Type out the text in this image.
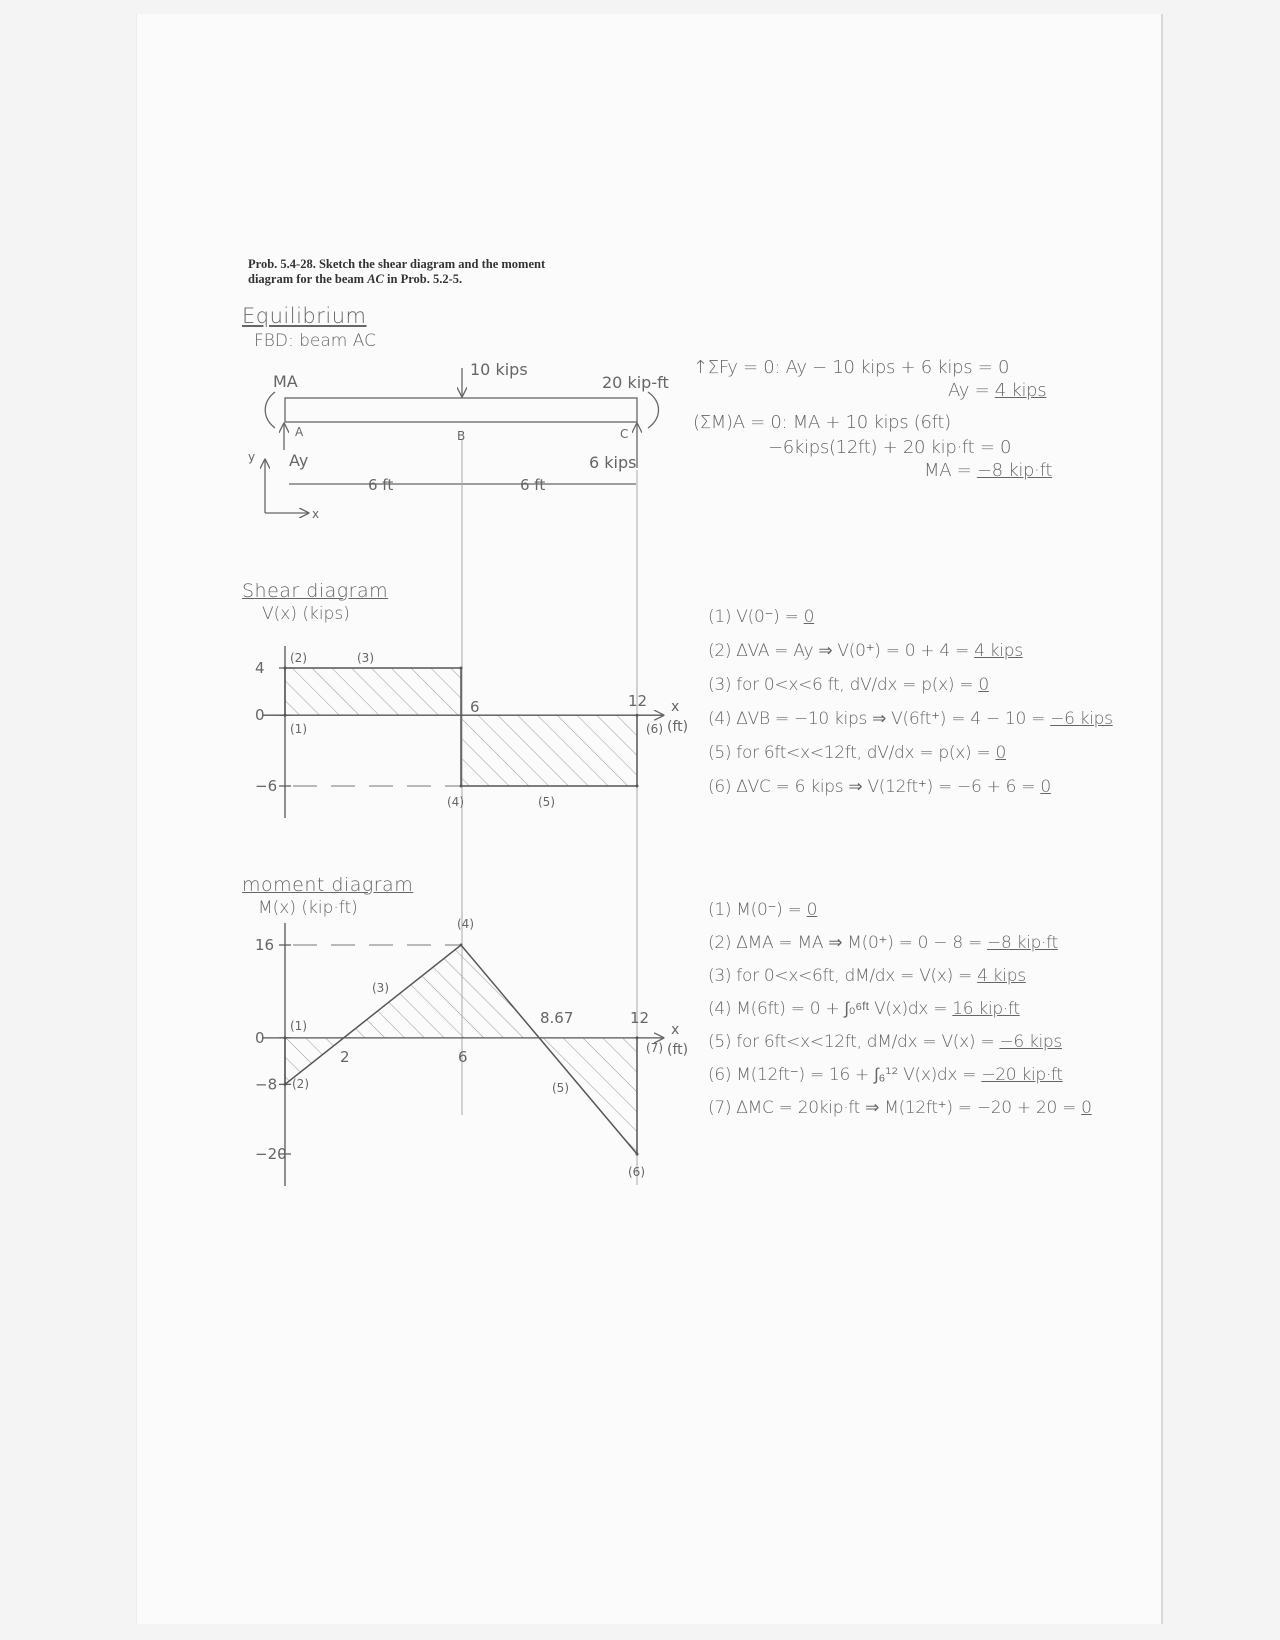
Prob. 5.4-28. Sketch the shear diagram and the moment
diagram for the beam AC in Prob. 5.2-5.
Equilibrium
FBD: beam AC
Shear diagram
V(x) (kips)
moment diagram
M(x) (kip·ft)
↑ΣFy = 0: Ay − 10 kips + 6 kips = 0
Ay = 4 kips
(ΣM)A = 0: MA + 10 kips (6ft)
−6kips(12ft) + 20 kip·ft = 0
MA = −8 kip·ft
(1) V(0⁻) = 0
(2) ΔVA = Ay ⇒ V(0⁺) = 0 + 4 = 4 kips
(3) for 0<x<6 ft, dV/dx = p(x) = 0
(4) ΔVB = −10 kips ⇒ V(6ft⁺) = 4 − 10 = −6 kips
(5) for 6ft<x<12ft, dV/dx = p(x) = 0
(6) ΔVC = 6 kips ⇒ V(12ft⁺) = −6 + 6 = 0
(1) M(0⁻) = 0
(2) ΔMA = MA ⇒ M(0⁺) = 0 − 8 = −8 kip·ft
(3) for 0<x<6ft, dM/dx = V(x) = 4 kips
(4) M(6ft) = 0 + ∫₀⁶ᶠᵗ V(x)dx = 16 kip·ft
(5) for 6ft<x<12ft, dM/dx = V(x) = −6 kips
(6) M(12ft⁻) = 16 + ∫₆¹² V(x)dx = −20 kip·ft
(7) ΔMC = 20kip·ft ⇒ M(12ft⁺) = −20 + 20 = 0
10 kips
20 kip-ft
6 kips
MA
Ay
A	B	C
y
x
6 ft	6 ft
x
(ft)
4
0
−6
6	12
(1)
(2)	(3)
(4)	(5)
(6)
x
(ft)
16
0
−8
−20
2	6
8.67	12
(1)
(2)
(3)
(4)
(5)
(6)
(7)
